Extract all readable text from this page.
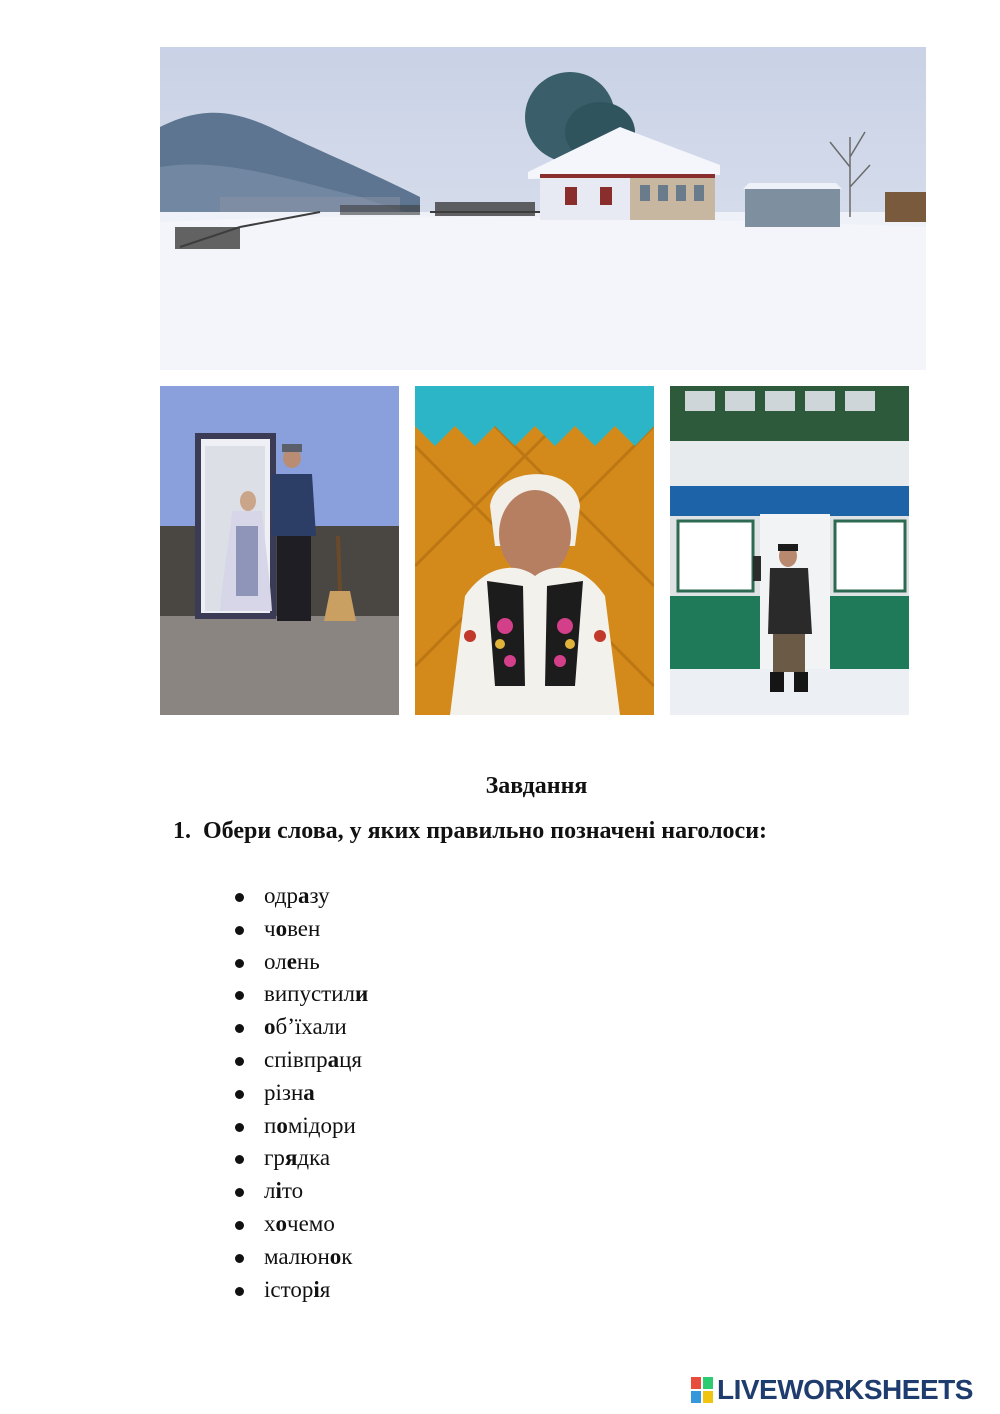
Завдання
1. Обери слова, у яких правильно позначені наголоси:
одразу
човен
олень
випустили
об’їхали
співпраця
різна
помідори
грядка
літо
хочемо
малюнок
історія
LIVEWORKSHEETS
